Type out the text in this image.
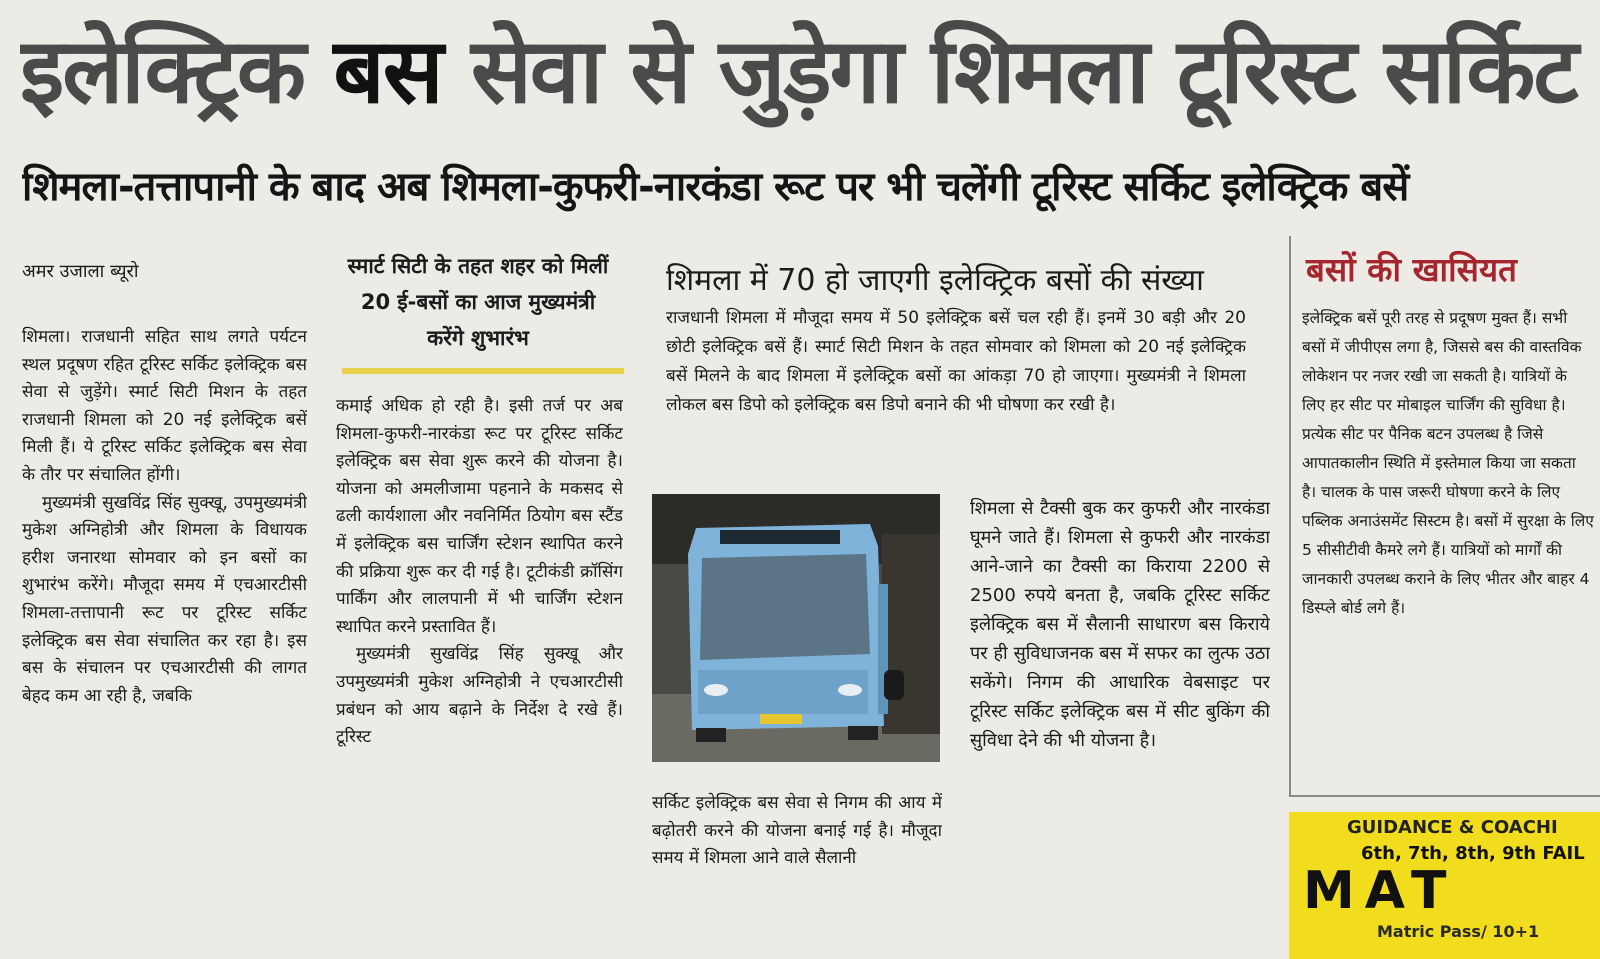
इलेक्ट्रिक बस सेवा से जुड़ेगा शिमला टूरिस्ट सर्किट
शिमला-तत्तापानी के बाद अब शिमला-कुफरी-नारकंडा रूट पर भी चलेंगी टूरिस्ट सर्किट इलेक्ट्रिक बसें
अमर उजाला ब्यूरो

शिमला। राजधानी सहित साथ लगते पर्यटन स्थल प्रदूषण रहित टूरिस्ट सर्किट इलेक्ट्रिक बस सेवा से जुड़ेंगे। स्मार्ट सिटी मिशन के तहत राजधानी शिमला को 20 नई इलेक्ट्रिक बसें मिली हैं। ये टूरिस्ट सर्किट इलेक्ट्रिक बस सेवा के तौर पर संचालित होंगी।

मुख्यमंत्री सुखविंद्र सिंह सुक्खू, उपमुख्यमंत्री मुकेश अग्निहोत्री और शिमला के विधायक हरीश जनारथा सोमवार को इन बसों का शुभारंभ करेंगे। मौजूदा समय में एचआरटीसी शिमला-तत्तापानी रूट पर टूरिस्ट सर्किट इलेक्ट्रिक बस सेवा संचालित कर रहा है। इस बस के संचालन पर एचआरटीसी की लागत बेहद कम आ रही है, जबकि

स्मार्ट सिटी के तहत शहर को मिलीं 20 ई-बसों का आज मुख्यमंत्री करेंगे शुभारंभ

कमाई अधिक हो रही है। इसी तर्ज पर अब शिमला-कुफरी-नारकंडा रूट पर टूरिस्ट सर्किट इलेक्ट्रिक बस सेवा शुरू करने की योजना है। योजना को अमलीजामा पहनाने के मकसद से ढली कार्यशाला और नवनिर्मित ठियोग बस स्टैंड में इलेक्ट्रिक बस चार्जिंग स्टेशन स्थापित करने की प्रक्रिया शुरू कर दी गई है। टूटीकंडी क्रॉसिंग पार्किंग और लालपानी में भी चार्जिंग स्टेशन स्थापित करने प्रस्तावित हैं।

मुख्यमंत्री सुखविंद्र सिंह सुक्खू और उपमुख्यमंत्री मुकेश अग्निहोत्री ने एचआरटीसी प्रबंधन को आय बढ़ाने के निर्देश दे रखे हैं। टूरिस्ट

शिमला में 70 हो जाएगी इलेक्ट्रिक बसों की संख्या
राजधानी शिमला में मौजूदा समय में 50 इलेक्ट्रिक बसें चल रही हैं। इनमें 30 बड़ी और 20 छोटी इलेक्ट्रिक बसें हैं। स्मार्ट सिटी मिशन के तहत सोमवार को शिमला को 20 नई इलेक्ट्रिक बसें मिलने के बाद शिमला में इलेक्ट्रिक बसों का आंकड़ा 70 हो जाएगा। मुख्यमंत्री ने शिमला लोकल बस डिपो को इलेक्ट्रिक बस डिपो बनाने की भी घोषणा कर रखी है।
सर्किट इलेक्ट्रिक बस सेवा से निगम की आय में बढ़ोतरी करने की योजना बनाई गई है। मौजूदा समय में शिमला आने वाले सैलानी
शिमला से टैक्सी बुक कर कुफरी और नारकंडा घूमने जाते हैं। शिमला से कुफरी और नारकंडा आने-जाने का टैक्सी का किराया 2200 से 2500 रुपये बनता है, जबकि टूरिस्ट सर्किट इलेक्ट्रिक बस में सैलानी साधारण बस किराये पर ही सुविधाजनक बस में सफर का लुत्फ उठा सकेंगे। निगम की आधारिक वेबसाइट पर टूरिस्ट सर्किट इलेक्ट्रिक बस में सीट बुकिंग की सुविधा देने की भी योजना है।
बसों की खासियत
इलेक्ट्रिक बसें पूरी तरह से प्रदूषण मुक्त हैं। सभी बसों में जीपीएस लगा है, जिससे बस की वास्तविक लोकेशन पर नजर रखी जा सकती है। यात्रियों के लिए हर सीट पर मोबाइल चार्जिंग की सुविधा है। प्रत्येक सीट पर पैनिक बटन उपलब्ध है जिसे आपातकालीन स्थिति में इस्तेमाल किया जा सकता है। चालक के पास जरूरी घोषणा करने के लिए पब्लिक अनाउंसमेंट सिस्टम है। बसों में सुरक्षा के लिए 5 सीसीटीवी कैमरे लगे हैं। यात्रियों को मार्गों की जानकारी उपलब्ध कराने के लिए भीतर और बाहर 4 डिस्प्ले बोर्ड लगे हैं।
GUIDANCE & COACHI
6th, 7th, 8th, 9th FAIL
MAT
Matric Pass/ 10+1
